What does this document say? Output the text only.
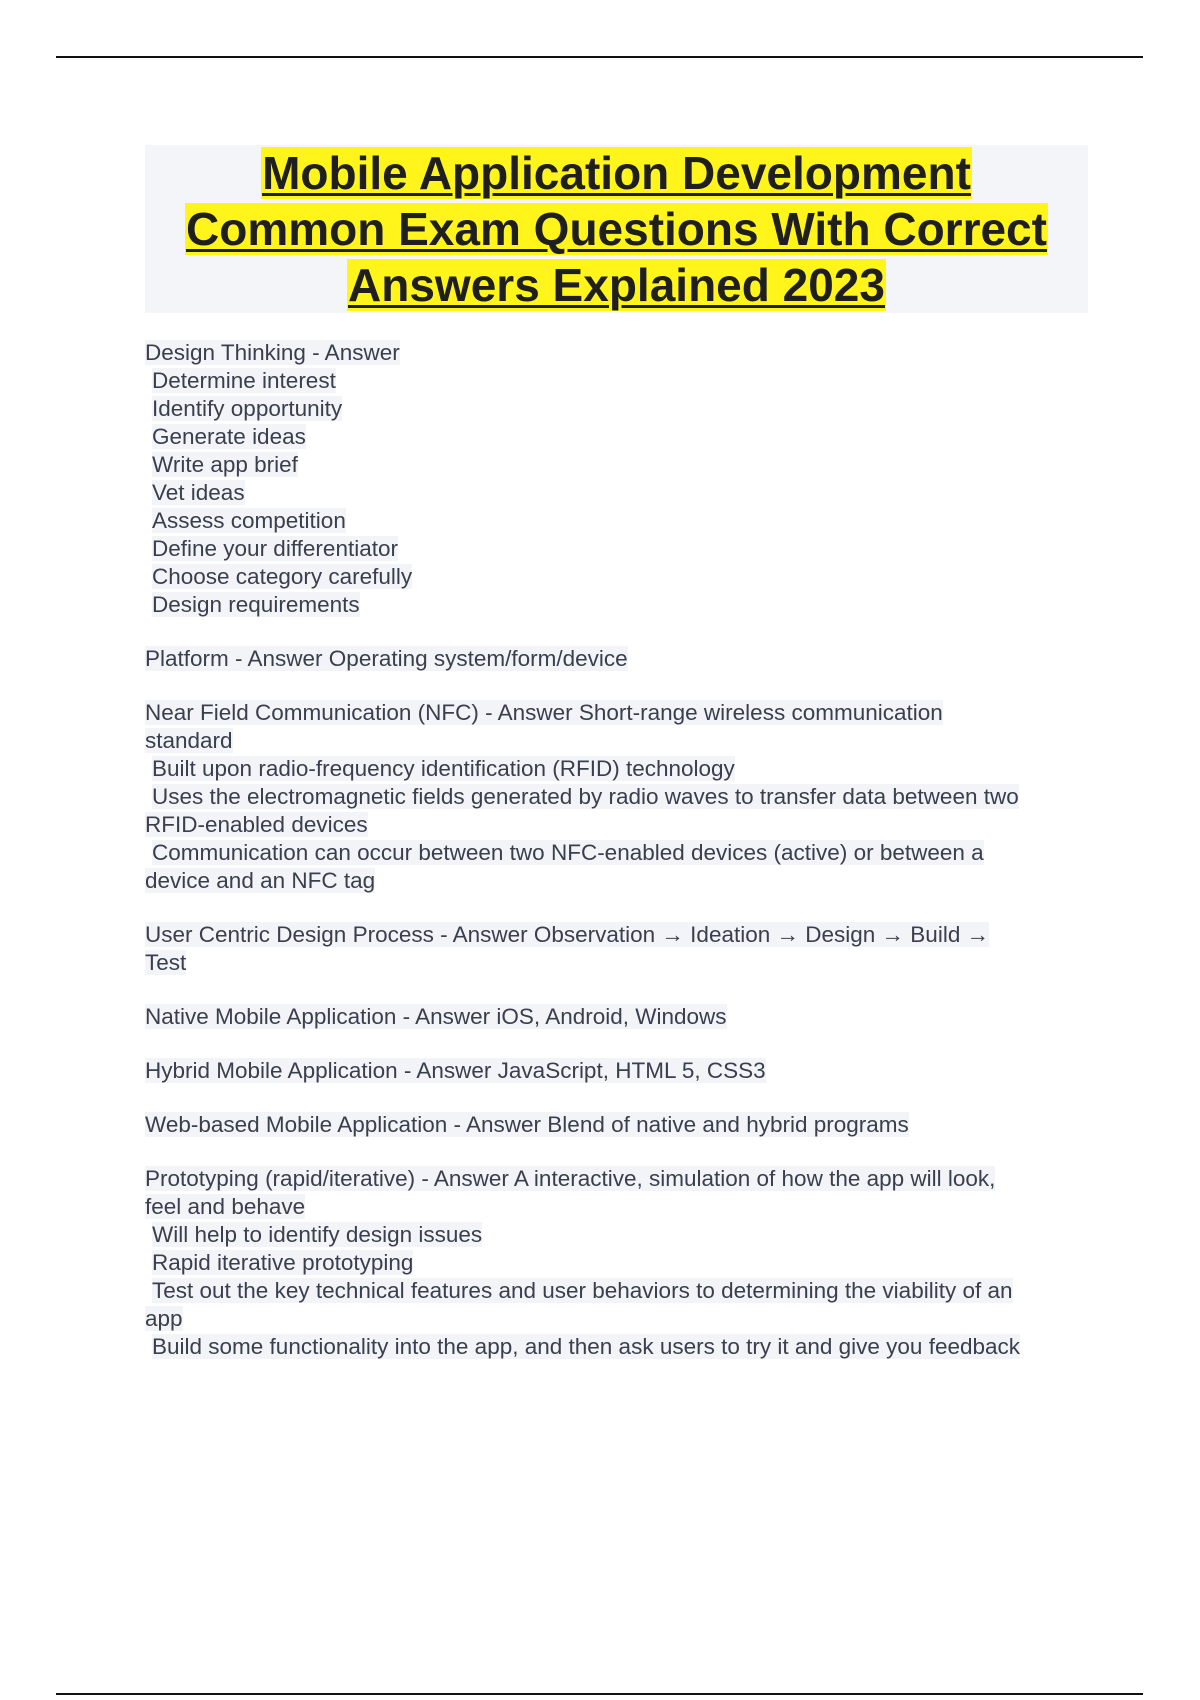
Mobile Application Development
Common Exam Questions With Correct
Answers Explained 2023
Design Thinking - Answer
Determine interest
Identify opportunity
Generate ideas
Write app brief
Vet ideas
Assess competition
Define your differentiator
Choose category carefully
Design requirements
Platform - Answer Operating system/form/device
Near Field Communication (NFC) - Answer Short-range wireless communication
standard
Built upon radio-frequency identification (RFID) technology
Uses the electromagnetic fields generated by radio waves to transfer data between two
RFID-enabled devices
Communication can occur between two NFC-enabled devices (active) or between a
device and an NFC tag
User Centric Design Process - Answer Observation → Ideation → Design → Build →
Test
Native Mobile Application - Answer iOS, Android, Windows
Hybrid Mobile Application - Answer JavaScript, HTML 5, CSS3
Web-based Mobile Application - Answer Blend of native and hybrid programs
Prototyping (rapid/iterative) - Answer A interactive, simulation of how the app will look,
feel and behave
Will help to identify design issues
Rapid iterative prototyping
Test out the key technical features and user behaviors to determining the viability of an
app
Build some functionality into the app, and then ask users to try it and give you feedback
